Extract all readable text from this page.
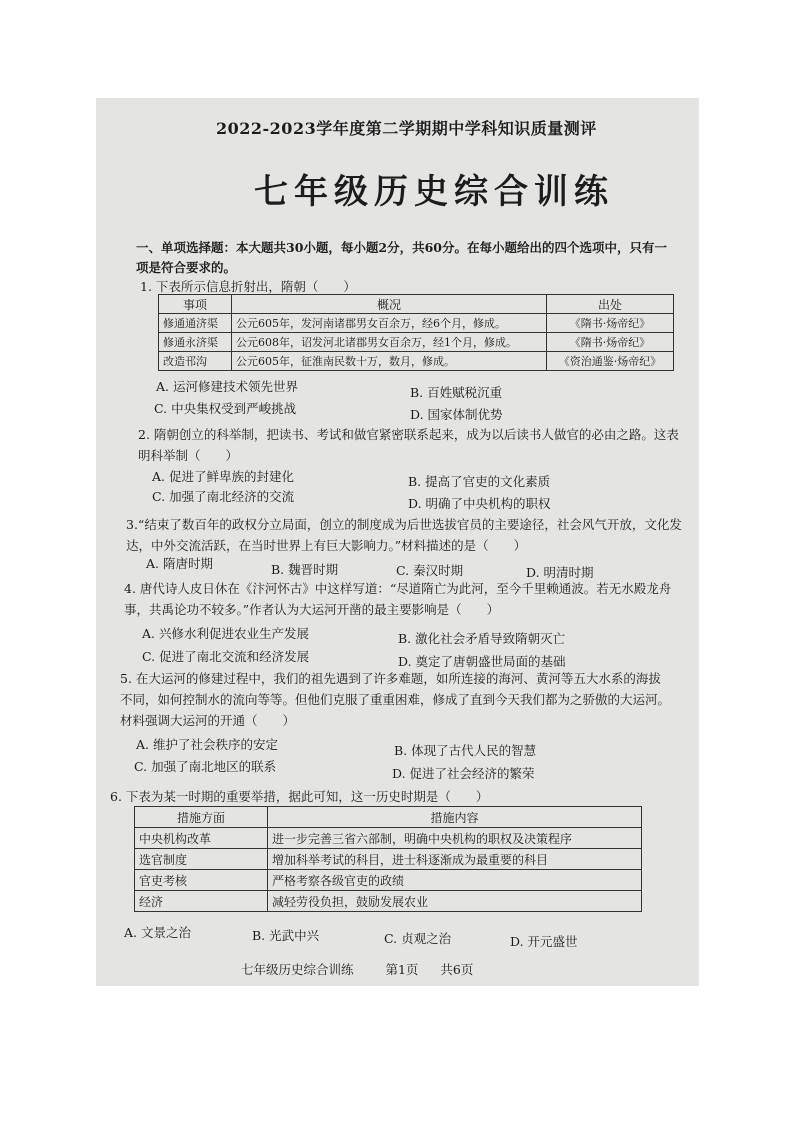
2022-2023学年度第二学期期中学科知识质量测评
七年级历史综合训练
一、单项选择题：本大题共30小题，每小题2分，共60分。在每小题给出的四个选项中，只有一项是符合要求的。
1. 下表所示信息折射出，隋朝（　　）
事项	概况	出处
修通通济渠	公元605年，发河南诸郡男女百余万，经6个月，修成。	《隋书·炀帝纪》
修通永济渠	公元608年，诏发河北诸郡男女百余万，经1个月，修成。	《隋书·炀帝纪》
改造邗沟	公元605年，征淮南民数十万，数月，修成。	《资治通鉴·炀帝纪》
A. 运河修建技术领先世界	B. 百姓赋税沉重
C. 中央集权受到严峻挑战	D. 国家体制优势
2. 隋朝创立的科举制，把读书、考试和做官紧密联系起来，成为以后读书人做官的必由之路。这表明科举制（　　）
A. 促进了鲜卑族的封建化	B. 提高了官吏的文化素质
C. 加强了南北经济的交流	D. 明确了中央机构的职权
3.“结束了数百年的政权分立局面，创立的制度成为后世选拔官员的主要途径，社会风气开放，文化发达，中外交流活跃，在当时世界上有巨大影响力。”材料描述的是（　　）
A. 隋唐时期	B. 魏晋时期	C. 秦汉时期	D. 明清时期
4. 唐代诗人皮日休在《汴河怀古》中这样写道：“尽道隋亡为此河，至今千里赖通波。若无水殿龙舟事，共禹论功不较多。”作者认为大运河开凿的最主要影响是（　　）
A. 兴修水利促进农业生产发展	B. 激化社会矛盾导致隋朝灭亡
C. 促进了南北交流和经济发展	D. 奠定了唐朝盛世局面的基础
5. 在大运河的修建过程中，我们的祖先遇到了许多难题，如所连接的海河、黄河等五大水系的海拔不同，如何控制水的流向等等。但他们克服了重重困难，修成了直到今天我们都为之骄傲的大运河。材料强调大运河的开通（　　）
A. 维护了社会秩序的安定	B. 体现了古代人民的智慧
C. 加强了南北地区的联系	D. 促进了社会经济的繁荣
6. 下表为某一时期的重要举措，据此可知，这一历史时期是（　　）
措施方面	措施内容
中央机构改革	进一步完善三省六部制，明确中央机构的职权及决策程序
选官制度	增加科举考试的科目，进士科逐渐成为最重要的科目
官吏考核	严格考察各级官吏的政绩
经济	减轻劳役负担，鼓励发展农业
A. 文景之治	B. 光武中兴	C. 贞观之治	D. 开元盛世
七年级历史综合训练	第1页 共6页
